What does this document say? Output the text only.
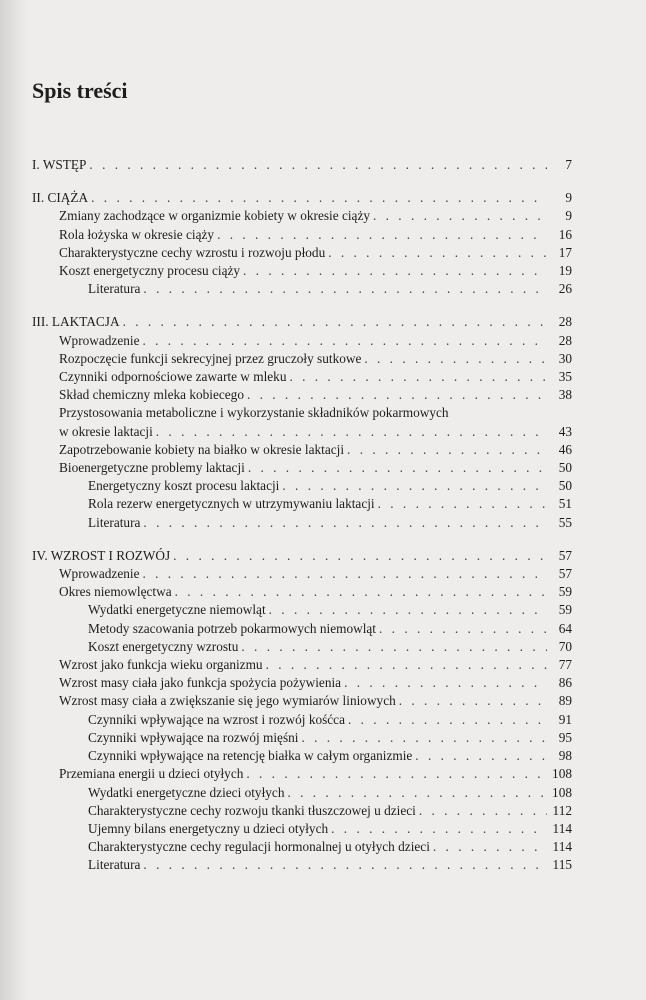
Spis treści
I. WSTĘP . . .	7
II. CIĄŻA . . .	9
Zmiany zachodzące w organizmie kobiety w okresie ciąży . . .	9
Rola łożyska w okresie ciąży . . .	16
Charakterystyczne cechy wzrostu i rozwoju płodu . . .	17
Koszt energetyczny procesu ciąży . . .	19
Literatura . . .	26
III. LAKTACJA . . .	28
Wprowadzenie . . .	28
Rozpoczęcie funkcji sekrecyjnej przez gruczoły sutkowe . . .	30
Czynniki odpornościowe zawarte w mleku . . .	35
Skład chemiczny mleka kobiecego . . .	38
Przystosowania metaboliczne i wykorzystanie składników pokarmowych
w okresie laktacji . . .	43
Zapotrzebowanie kobiety na białko w okresie laktacji . . .	46
Bioenergetyczne problemy laktacji . . .	50
Energetyczny koszt procesu laktacji . . .	50
Rola rezerw energetycznych w utrzymywaniu laktacji . . .	51
Literatura . . .	55
IV. WZROST I ROZWÓJ . . .	57
Wprowadzenie . . .	57
Okres niemowlęctwa . . .	59
Wydatki energetyczne niemowląt . . .	59
Metody szacowania potrzeb pokarmowych niemowląt . . .	64
Koszt energetyczny wzrostu . . .	70
Wzrost jako funkcja wieku organizmu . . .	77
Wzrost masy ciała jako funkcja spożycia pożywienia . . .	86
Wzrost masy ciała a zwiększanie się jego wymiarów liniowych . . .	89
Czynniki wpływające na wzrost i rozwój kośćca . . .	91
Czynniki wpływające na rozwój mięśni . . .	95
Czynniki wpływające na retencję białka w całym organizmie . . .	98
Przemiana energii u dzieci otyłych . . .	108
Wydatki energetyczne dzieci otyłych . . .	108
Charakterystyczne cechy rozwoju tkanki tłuszczowej u dzieci . . .	112
Ujemny bilans energetyczny u dzieci otyłych . . .	114
Charakterystyczne cechy regulacji hormonalnej u otyłych dzieci . . .	114
Literatura . . .	115
